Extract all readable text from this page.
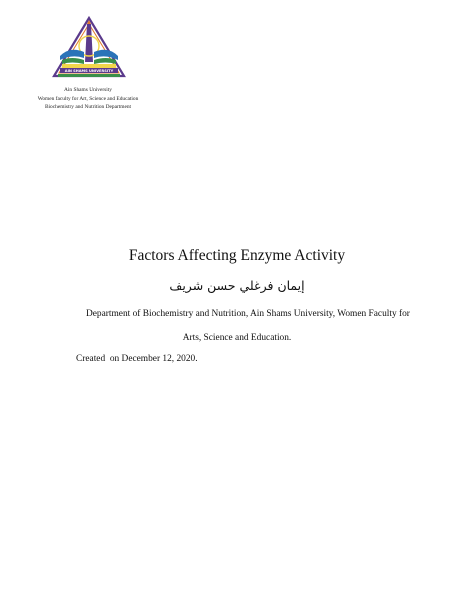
AIN SHAMS UNIVERSITY
Ain Shams University
Women faculty for Art, Science and Education
Biochemistry and Nutrition Department
Factors Affecting Enzyme Activity
إيمان فرغلي حسن شريف
Department of Biochemistry and Nutrition, Ain Shams University, Women Faculty for
Arts, Science and Education.
Created  on December 12, 2020.
